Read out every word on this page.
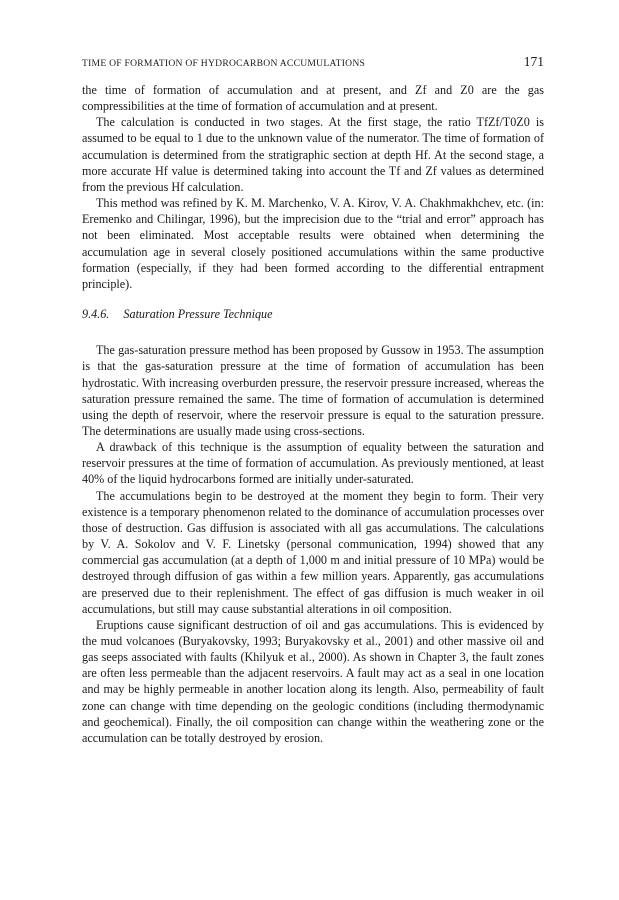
TIME OF FORMATION OF HYDROCARBON ACCUMULATIONS	171

the time of formation of accumulation and at present, and Zf and Z0 are the gas compressibilities at the time of formation of accumulation and at present.

The calculation is conducted in two stages. At the first stage, the ratio TfZf/T0Z0 is assumed to be equal to 1 due to the unknown value of the numerator. The time of formation of accumulation is determined from the stratigraphic section at depth Hf. At the second stage, a more accurate Hf value is determined taking into account the Tf and Zf values as determined from the previous Hf calculation.

This method was refined by K. M. Marchenko, V. A. Kirov, V. A. Chakhmakhchev, etc. (in: Eremenko and Chilingar, 1996), but the imprecision due to the “trial and error” approach has not been eliminated. Most acceptable results were obtained when determining the accumulation age in several closely positioned accumulations within the same productive formation (especially, if they had been formed according to the differential entrapment principle).

9.4.6. Saturation Pressure Technique

The gas-saturation pressure method has been proposed by Gussow in 1953. The assumption is that the gas-saturation pressure at the time of formation of accumulation has been hydrostatic. With increasing overburden pressure, the reservoir pressure increased, whereas the saturation pressure remained the same. The time of formation of accumulation is determined using the depth of reservoir, where the reservoir pressure is equal to the saturation pressure. The determinations are usually made using cross-sections.

A drawback of this technique is the assumption of equality between the saturation and reservoir pressures at the time of formation of accumulation. As previously mentioned, at least 40% of the liquid hydrocarbons formed are initially under-saturated.

The accumulations begin to be destroyed at the moment they begin to form. Their very existence is a temporary phenomenon related to the dominance of accumulation processes over those of destruction. Gas diffusion is associated with all gas accumulations. The calculations by V. A. Sokolov and V. F. Linetsky (personal communication, 1994) showed that any commercial gas accumulation (at a depth of 1,000 m and initial pressure of 10 MPa) would be destroyed through diffusion of gas within a few million years. Apparently, gas accumulations are preserved due to their replenishment. The effect of gas diffusion is much weaker in oil accumulations, but still may cause substantial alterations in oil composition.

Eruptions cause significant destruction of oil and gas accumulations. This is evidenced by the mud volcanoes (Buryakovsky, 1993; Buryakovsky et al., 2001) and other massive oil and gas seeps associated with faults (Khilyuk et al., 2000). As shown in Chapter 3, the fault zones are often less permeable than the adjacent reservoirs. A fault may act as a seal in one location and may be highly permeable in another location along its length. Also, permeability of fault zone can change with time depending on the geologic conditions (including thermodynamic and geochemical). Finally, the oil composition can change within the weathering zone or the accumulation can be totally destroyed by erosion.
